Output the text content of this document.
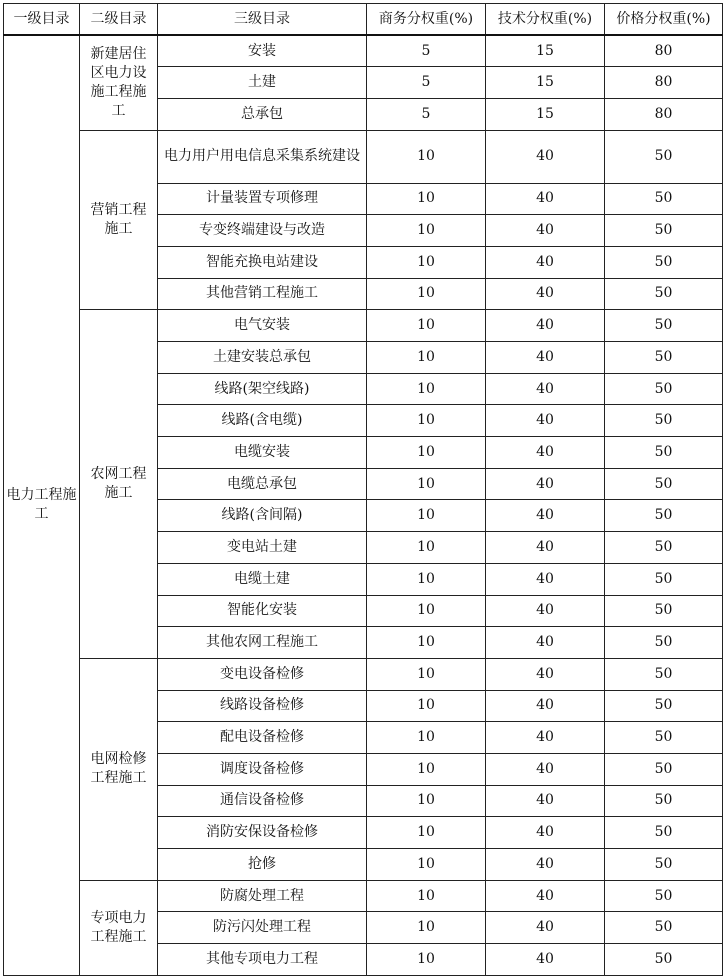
一级目录	二级目录	三级目录	商务分权重(%)	技术分权重(%)	价格分权重(%)
电力工程施工	新建居住区电力设施工程施工	安装	5	15	80
		土建	5	15	80
		总承包	5	15	80
	营销工程施工	电力用户用电信息采集系统建设	10	40	50
		计量装置专项修理	10	40	50
		专变终端建设与改造	10	40	50
		智能充换电站建设	10	40	50
		其他营销工程施工	10	40	50
	农网工程施工	电气安装	10	40	50
		土建安装总承包	10	40	50
		线路(架空线路)	10	40	50
		线路(含电缆)	10	40	50
		电缆安装	10	40	50
		电缆总承包	10	40	50
		线路(含间隔)	10	40	50
		变电站土建	10	40	50
		电缆土建	10	40	50
		智能化安装	10	40	50
		其他农网工程施工	10	40	50
	电网检修工程施工	变电设备检修	10	40	50
		线路设备检修	10	40	50
		配电设备检修	10	40	50
		调度设备检修	10	40	50
		通信设备检修	10	40	50
		消防安保设备检修	10	40	50
		抢修	10	40	50
	专项电力工程施工	防腐处理工程	10	40	50
		防污闪处理工程	10	40	50
		其他专项电力工程	10	40	50
